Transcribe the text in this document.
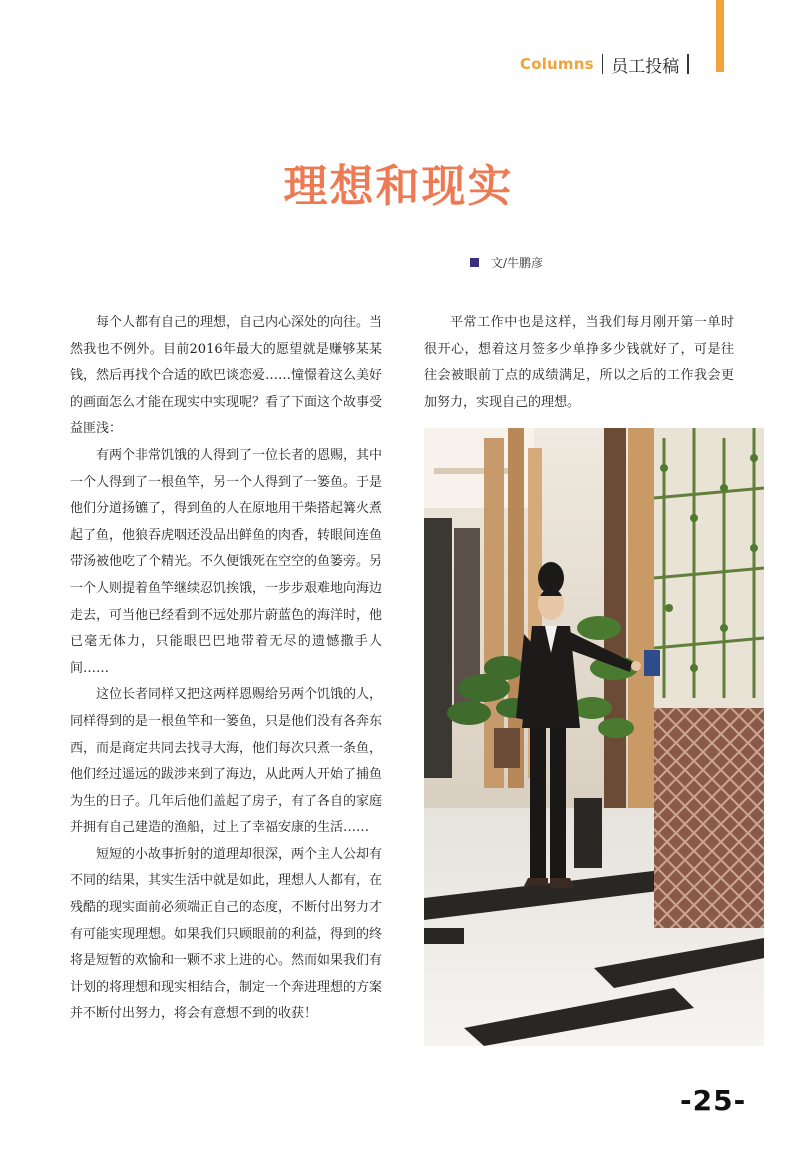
Columns 员工投稿
理想和现实
文/牛鹏彦

每个人都有自己的理想，自己内心深处的向往。当然我也不例外。目前2016年最大的愿望就是赚够某某钱，然后再找个合适的欧巴谈恋爱……憧憬着这么美好的画面怎么才能在现实中实现呢？看了下面这个故事受益匪浅：

有两个非常饥饿的人得到了一位长者的恩赐，其中一个人得到了一根鱼竿，另一个人得到了一篓鱼。于是他们分道扬镳了，得到鱼的人在原地用干柴搭起篝火煮起了鱼，他狼吞虎咽还没品出鲜鱼的肉香，转眼间连鱼带汤被他吃了个精光。不久便饿死在空空的鱼篓旁。另一个人则提着鱼竿继续忍饥挨饿，一步步艰难地向海边走去，可当他已经看到不远处那片蔚蓝色的海洋时，他已毫无体力，只能眼巴巴地带着无尽的遗憾撒手人间……

这位长者同样又把这两样恩赐给另两个饥饿的人，同样得到的是一根鱼竿和一篓鱼，只是他们没有各奔东西，而是商定共同去找寻大海，他们每次只煮一条鱼，他们经过遥远的跋涉来到了海边，从此两人开始了捕鱼为生的日子。几年后他们盖起了房子，有了各自的家庭并拥有自己建造的渔船，过上了幸福安康的生活……

短短的小故事折射的道理却很深，两个主人公却有不同的结果，其实生活中就是如此，理想人人都有，在残酷的现实面前必须端正自己的态度，不断付出努力才有可能实现理想。如果我们只顾眼前的利益，得到的终将是短暂的欢愉和一颗不求上进的心。然而如果我们有计划的将理想和现实相结合，制定一个奔进理想的方案并不断付出努力，将会有意想不到的收获！

平常工作中也是这样，当我们每月刚开第一单时很开心，想着这月签多少单挣多少钱就好了，可是往往会被眼前丁点的成绩满足，所以之后的工作我会更加努力，实现自己的理想。

-25-
